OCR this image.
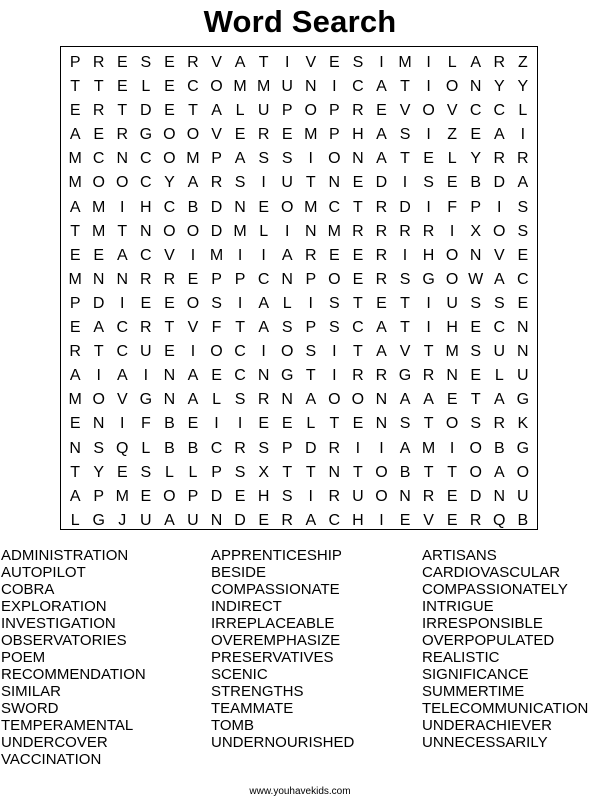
Word Search
P R E S E R V A T	I	V E S	I M I	L A R Z
T T E L E C O M M U N I C A T	I O N Y Y
E R T D E T A L U P O P R E V O V C C L
A E R G O O V E R E M P H A S	I	Z E A	I
M C N C O M P A S S	I O N A T E L Y R R
M O O C Y A R S	I U T N E D I	S E B D A
A M I H C B D N E O M C T R D I	F P	I	S
T M T N O O D M L	I N M R R R R I	X O S
E E A C V	I M I	I	A R E E R I H O N V E
M N N R R E P P C N P O E R S G O W A C
P D I	E E O S	I	A L	I	S T E T	I U S S E
E A C R T V F T A S P S C A T	I H E C N
R T C U E	I O C I O S	I	T A V T M S U N
A	I	A	I N A E C N G T	I R R G R N E L U
M O V G N A L S R N A O O N A A E T A G
E N I	F B E	I	I	E E L T E N S T O S R K
N S Q L B B C R S P D R I	I	A M I O B G
T Y E S L L P S X T T N T O B T T O A O
A P M E O P D E H S	I R U O N R E D N U
L G J U A U N D E R A C H I	E V E R Q B
ADMINISTRATION
AUTOPILOT
COBRA
EXPLORATION
INVESTIGATION
OBSERVATORIES
POEM
RECOMMENDATION
SIMILAR
SWORD
TEMPERAMENTAL
UNDERCOVER
VACCINATION
APPRENTICESHIP
BESIDE
COMPASSIONATE
INDIRECT
IRREPLACEABLE
OVEREMPHASIZE
PRESERVATIVES
SCENIC
STRENGTHS
TEAMMATE
TOMB
UNDERNOURISHED
ARTISANS
CARDIOVASCULAR
COMPASSIONATELY
INTRIGUE
IRRESPONSIBLE
OVERPOPULATED
REALISTIC
SIGNIFICANCE
SUMMERTIME
TELECOMMUNICATION
UNDERACHIEVER
UNNECESSARILY
www.youhavekids.com
